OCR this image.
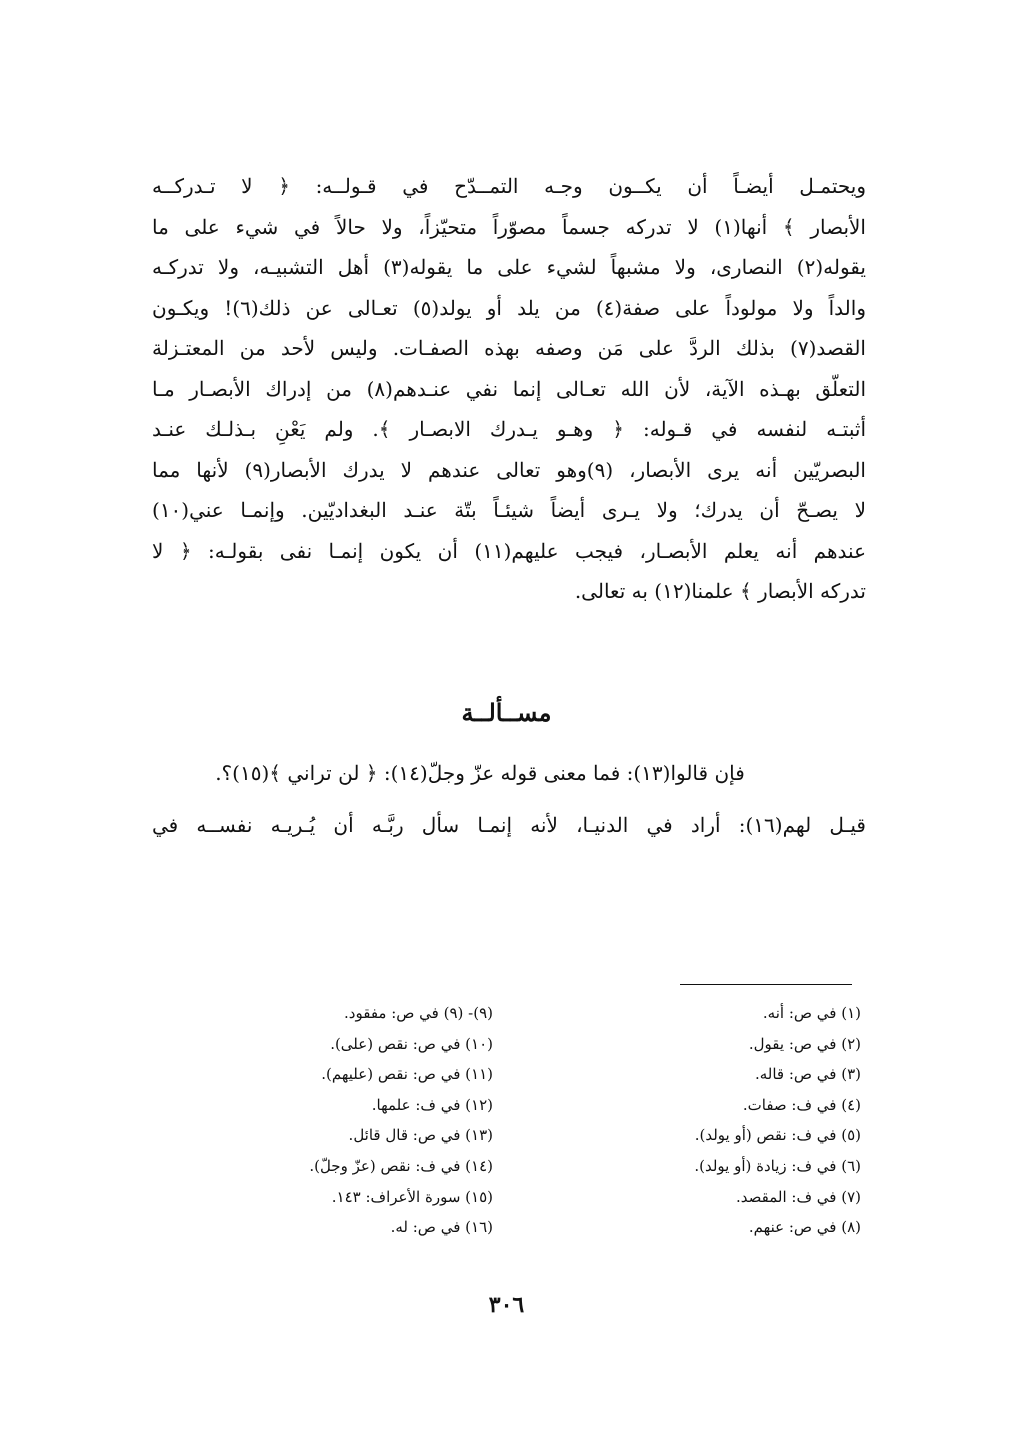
ويحتمـل أيضـاً أن يكــون وجـه التمــدّح في قـولــه: ﴿ لا تـدركــه
الأبصار ﴾ أنها(١) لا تدركه جسماً مصوّراً متحيّزاً، ولا حالاً في شيء على ما
يقوله(٢) النصارى، ولا مشبهاً لشيء على ما يقوله(٣) أهل التشبيـه، ولا تدركـه
والداً ولا مولوداً على صفة(٤) من يلد أو يولد(٥) تعـالى عن ذلك(٦)! ويكـون
القصد(٧) بذلك الردَّ على مَن وصفه بهذه الصفـات. وليس لأحد من المعتـزلة
التعلّق بهـذه الآية، لأن الله تعـالى إنما نفي عنـدهم(٨) من إدراك الأبصـار مـا
أثبتـه لنفسه في قـوله: ﴿ وهـو يـدرك الابصـار ﴾. ولم يَعْنِ بـذلـك عنـد
البصريّين أنه يرى الأبصار، (٩)وهو تعالى عندهم لا يدرك الأبصار(٩) لأنها مما
لا يصـحّ أن يدرك؛ ولا يـرى أيضاً شيئـاً بتّة عنـد البغداديّين. وإنمـا عني(١٠)
عندهم أنه يعلم الأبصـار، فيجب عليهم(١١) أن يكون إنمـا نفى بقولـه: ﴿ لا
تدركه الأبصار ﴾ علمنا(١٢) به تعالى.
مســألــة
فإن قالوا(١٣): فما معنى قوله عزّ وجلّ(١٤): ﴿ لن تراني ﴾(١٥)؟.
قيـل لهم(١٦): أراد في الدنيـا، لأنه إنمـا سأل ربَّـه أن يُـريـه نفســه في
(١) في ص: أنه.
(٢) في ص: يقول.
(٣) في ص: قاله.
(٤) في ف: صفات.
(٥) في ف: نقص (أو يولد).
(٦) في ف: زيادة (أو يولد).
(٧) في ف: المقصد.
(٨) في ص: عنهم.
(٩)- (٩) في ص: مفقود.
(١٠) في ص: نقص (على).
(١١) في ص: نقص (عليهم).
(١٢) في ف: علمها.
(١٣) في ص: قال قائل.
(١٤) في ف: نقص (عزّ وجلّ).
(١٥) سورة الأعراف: ١٤٣.
(١٦) في ص: له.
٣٠٦
